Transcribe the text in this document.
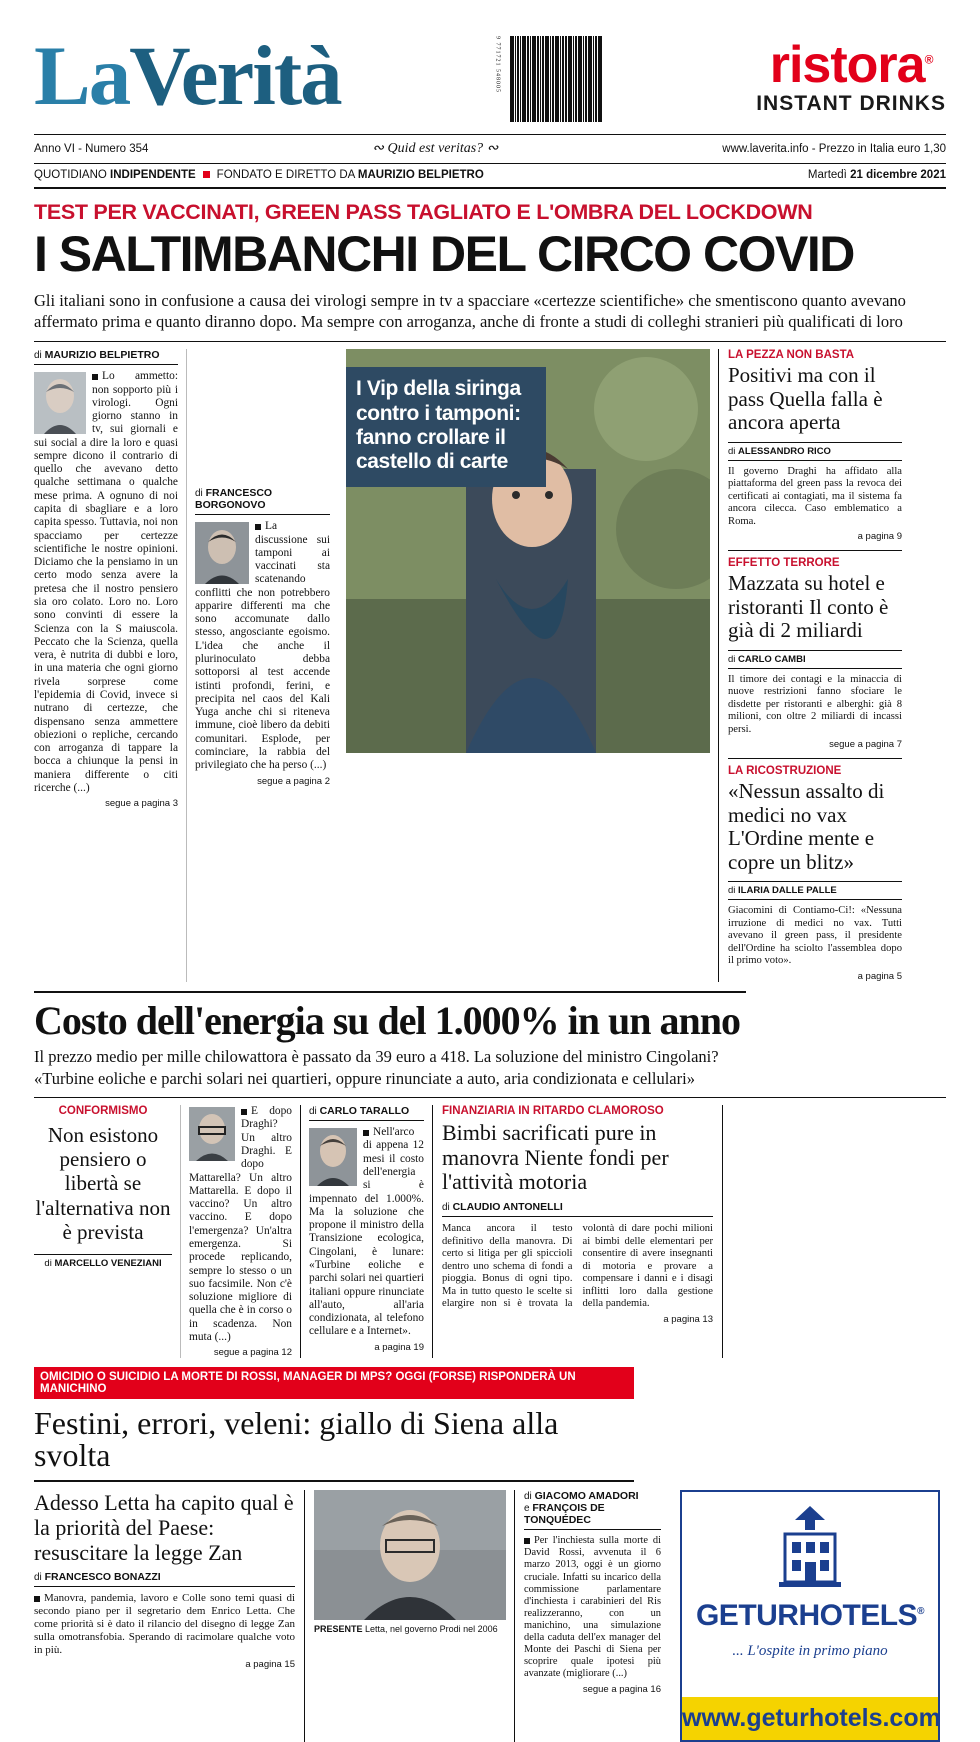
LaVerità	9 771721 548005	ristora®
INSTANT DRINKS
Anno VI - Numero 354	∾ Quid est veritas? ∾	www.laverita.info - Prezzo in Italia euro 1,30
QUOTIDIANO INDIPENDENTE FONDATO E DIRETTO DA MAURIZIO BELPIETRO	Martedì 21 dicembre 2021
TEST PER VACCINATI, GREEN PASS TAGLIATO E L'OMBRA DEL LOCKDOWN
I SALTIMBANCHI DEL CIRCO COVID
Gli italiani sono in confusione a causa dei virologi sempre in tv a spacciare «certezze scientifiche» che smentiscono quanto avevano affermato prima e quanto diranno dopo. Ma sempre con arroganza, anche di fronte a studi di colleghi stranieri più qualificati di loro
di MAURIZIO BELPIETRO
Lo ammetto: non sopporto più i virologi. Ogni giorno stanno in tv, sui giornali e sui social a dire la loro e quasi sempre dicono il contrario di quello che avevano detto qualche settimana o qualche mese prima. A ognuno di noi capita di sbagliare e a loro capita spesso. Tuttavia, noi non spacciamo per certezze scientifiche le nostre opinioni. Diciamo che la pensiamo in un certo modo senza avere la pretesa che il nostro pensiero sia oro colato. Loro no. Loro sono convinti di essere la Scienza con la S maiuscola. Peccato che la Scienza, quella vera, è nutrita di dubbi e loro, in una materia che ogni giorno rivela sorprese come l'epidemia di Covid, invece si nutrano di certezze, che dispensano senza ammettere obiezioni o repliche, cercando con arroganza di tappare la bocca a chiunque la pensi in maniera differente o citi ricerche (...)
segue a pagina 3
di FRANCESCO BORGONOVO
La discussione sui tamponi ai vaccinati sta scatenando conflitti che non potrebbero apparire differenti ma che sono accomunate dallo stesso, angosciante egoismo. L'idea che anche il plurinoculato debba sottoporsi al test accende istinti profondi, ferini, e precipita nel caos del Kali Yuga anche chi si riteneva immune, cioè libero da debiti comunitari. Esplode, per cominciare, la rabbia del privilegiato che ha perso (...)
segue a pagina 2
I Vip della siringa contro i tamponi: fanno crollare il castello di carte
LA PEZZA NON BASTA
Positivi ma con il pass Quella falla è ancora aperta
di ALESSANDRO RICO
Il governo Draghi ha affidato alla piattaforma del green pass la revoca dei certificati ai contagiati, ma il sistema fa ancora cilecca. Caso emblematico a Roma.
a pagina 9
EFFETTO TERRORE
Mazzata su hotel e ristoranti Il conto è già di 2 miliardi
di CARLO CAMBI
Il timore dei contagi e la minaccia di nuove restrizioni fanno sfociare le disdette per ristoranti e alberghi: già 8 milioni, con oltre 2 miliardi di incassi persi.
segue a pagina 7
LA RICOSTRUZIONE
«Nessun assalto di medici no vax L'Ordine mente e copre un blitz»
di ILARIA DALLE PALLE
Giacomini di Contiamo-Ci!: «Nessuna irruzione di medici no vax. Tutti avevano il green pass, il presidente dell'Ordine ha sciolto l'assemblea dopo il primo voto».
a pagina 5
Costo dell'energia su del 1.000% in un anno

Il prezzo medio per mille chilowattora è passato da 39 euro a 418. La soluzione del ministro Cingolani?

«Turbine eoliche e parchi solari nei quartieri, oppure rinunciate a auto, aria condizionata e cellulari»

CONFORMISMO
Non esistono pensiero o libertà se l'alternativa non è prevista
di MARCELLO VENEZIANI
E dopo Draghi? Un altro Draghi. E dopo Mattarella? Un altro Mattarella. E dopo il vaccino? Un altro vaccino. E dopo l'emergenza? Un'altra emergenza. Si procede replicando, sempre lo stesso o un suo facsimile. Non c'è soluzione migliore di quella che è in corso o in scadenza. Non muta (...)
segue a pagina 12
di CARLO TARALLO
Nell'arco di appena 12 mesi il costo dell'energia si è impennato del 1.000%. Ma la soluzione che propone il ministro della Transizione ecologica, Cingolani, è lunare: «Turbine eoliche e parchi solari nei quartieri italiani oppure rinunciate all'auto, all'aria condizionata, al telefono cellulare e a Internet».
a pagina 19
FINANZIARIA IN RITARDO CLAMOROSO
Bimbi sacrificati pure in manovra Niente fondi per l'attività motoria
di CLAUDIO ANTONELLI
Manca ancora il testo definitivo della manovra. Di certo si litiga per gli spiccioli dentro uno schema di fondi a pioggia. Bonus di ogni tipo. Ma in tutto questo le scelte si elargire non si è trovata la volontà di dare pochi milioni ai bimbi delle elementari per consentire di avere insegnanti di motoria e provare a compensare i danni e i disagi inflitti loro dalla gestione della pandemia.
a pagina 13
OMICIDIO O SUICIDIO LA MORTE DI ROSSI, MANAGER DI MPS? OGGI (FORSE) RISPONDERÀ UN MANICHINO
Festini, errori, veleni: giallo di Siena alla svolta
Adesso Letta ha capito qual è la priorità del Paese: resuscitare la legge Zan
di FRANCESCO BONAZZI
Manovra, pandemia, lavoro e Colle sono temi quasi di secondo piano per il segretario dem Enrico Letta. Che come priorità si è dato il rilancio del disegno di legge Zan sulla omotransfobia. Sperando di racimolare qualche voto in più.
a pagina 15
PRESENTE Letta, nel governo Prodi nel 2006
di GIACOMO AMADORI
e FRANÇOIS DE TONQUÉDEC
Per l'inchiesta sulla morte di David Rossi, avvenuta il 6 marzo 2013, oggi è un giorno cruciale. Infatti su incarico della commissione parlamentare d'inchiesta i carabinieri del Ris realizzeranno, con un manichino, una simulazione della caduta dell'ex manager del Monte dei Paschi di Siena per scoprire quale ipotesi più avanzate (migliorare (...)
segue a pagina 16
GETURHOTELS®
... L'ospite in primo piano
www.geturhotels.com
